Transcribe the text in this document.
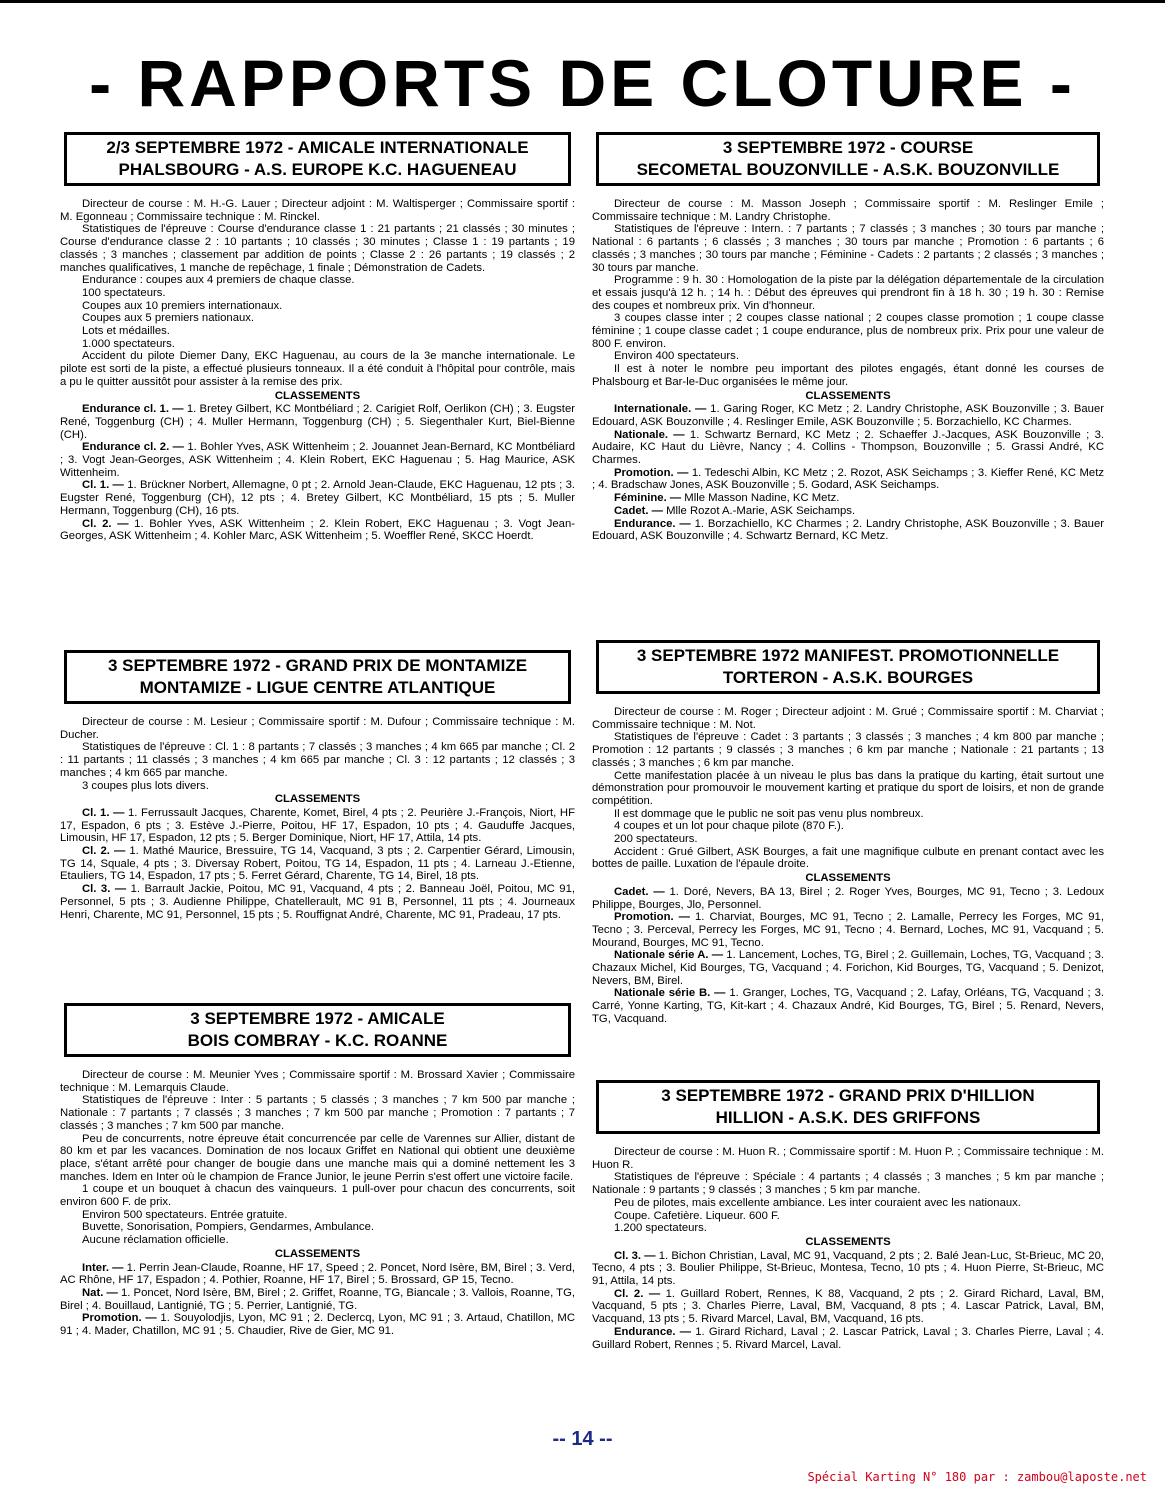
- RAPPORTS DE CLOTURE -
2/3 SEPTEMBRE 1972 - AMICALE INTERNATIONALE
PHALSBOURG - A.S. EUROPE K.C. HAGUENEAU

Directeur de course : M. H.-G. Lauer ; Directeur adjoint : M. Waltisperger ; Commissaire sportif : M. Egonneau ; Commissaire technique : M. Rinckel.

Statistiques de l'épreuve : Course d'endurance classe 1 : 21 partants ; 21 classés ; 30 minutes ; Course d'endurance classe 2 : 10 partants ; 10 classés ; 30 minutes ; Classe 1 : 19 partants ; 19 classés ; 3 manches ; classement par addition de points ; Classe 2 : 26 partants ; 19 classés ; 2 manches qualificatives, 1 manche de repêchage, 1 finale ; Démonstration de Cadets.

Endurance : coupes aux 4 premiers de chaque classe.

100 spectateurs.

Coupes aux 10 premiers internationaux.

Coupes aux 5 premiers nationaux.

Lots et médailles.

1.000 spectateurs.

Accident du pilote Diemer Dany, EKC Haguenau, au cours de la 3e manche internationale. Le pilote est sorti de la piste, a effectué plusieurs tonneaux. Il a été conduit à l'hôpital pour contrôle, mais a pu le quitter aussitôt pour assister à la remise des prix.

CLASSEMENTS

Endurance cl. 1. — 1. Bretey Gilbert, KC Montbéliard ; 2. Carigiet Rolf, Oerlikon (CH) ; 3. Eugster René, Toggenburg (CH) ; 4. Muller Hermann, Toggenburg (CH) ; 5. Siegenthaler Kurt, Biel-Bienne (CH).

Endurance cl. 2. — 1. Bohler Yves, ASK Wittenheim ; 2. Jouannet Jean-Bernard, KC Montbéliard ; 3. Vogt Jean-Georges, ASK Wittenheim ; 4. Klein Robert, EKC Haguenau ; 5. Hag Maurice, ASK Wittenheim.

Cl. 1. — 1. Brückner Norbert, Allemagne, 0 pt ; 2. Arnold Jean-Claude, EKC Haguenau, 12 pts ; 3. Eugster René, Toggenburg (CH), 12 pts ; 4. Bretey Gilbert, KC Montbéliard, 15 pts ; 5. Muller Hermann, Toggenburg (CH), 16 pts.

Cl. 2. — 1. Bohler Yves, ASK Wittenheim ; 2. Klein Robert, EKC Haguenau ; 3. Vogt Jean-Georges, ASK Wittenheim ; 4. Kohler Marc, ASK Wittenheim ; 5. Woeffler René, SKCC Hoerdt.

3 SEPTEMBRE 1972 - GRAND PRIX DE MONTAMIZE
MONTAMIZE - LIGUE CENTRE ATLANTIQUE

Directeur de course : M. Lesieur ; Commissaire sportif : M. Dufour ; Commissaire technique : M. Ducher.

Statistiques de l'épreuve : Cl. 1 : 8 partants ; 7 classés ; 3 manches ; 4 km 665 par manche ; Cl. 2 : 11 partants ; 11 classés ; 3 manches ; 4 km 665 par manche ; Cl. 3 : 12 partants ; 12 classés ; 3 manches ; 4 km 665 par manche.

3 coupes plus lots divers.

CLASSEMENTS

Cl. 1. — 1. Ferrussault Jacques, Charente, Komet, Birel, 4 pts ; 2. Peurière J.-François, Niort, HF 17, Espadon, 6 pts ; 3. Estève J.-Pierre, Poitou, HF 17, Espadon, 10 pts ; 4. Gauduffe Jacques, Limousin, HF 17, Espadon, 12 pts ; 5. Berger Dominique, Niort, HF 17, Attila, 14 pts.

Cl. 2. — 1. Mathé Maurice, Bressuire, TG 14, Vacquand, 3 pts ; 2. Carpentier Gérard, Limousin, TG 14, Squale, 4 pts ; 3. Diversay Robert, Poitou, TG 14, Espadon, 11 pts ; 4. Larneau J.-Etienne, Etauliers, TG 14, Espadon, 17 pts ; 5. Ferret Gérard, Charente, TG 14, Birel, 18 pts.

Cl. 3. — 1. Barrault Jackie, Poitou, MC 91, Vacquand, 4 pts ; 2. Banneau Joël, Poitou, MC 91, Personnel, 5 pts ; 3. Audienne Philippe, Chatellerault, MC 91 B, Personnel, 11 pts ; 4. Journeaux Henri, Charente, MC 91, Personnel, 15 pts ; 5. Rouffignat André, Charente, MC 91, Pradeau, 17 pts.

3 SEPTEMBRE 1972 - AMICALE
BOIS COMBRAY - K.C. ROANNE

Directeur de course : M. Meunier Yves ; Commissaire sportif : M. Brossard Xavier ; Commissaire technique : M. Lemarquis Claude.

Statistiques de l'épreuve : Inter : 5 partants ; 5 classés ; 3 manches ; 7 km 500 par manche ; Nationale : 7 partants ; 7 classés ; 3 manches ; 7 km 500 par manche ; Promotion : 7 partants ; 7 classés ; 3 manches ; 7 km 500 par manche.

Peu de concurrents, notre épreuve était concurrencée par celle de Varennes sur Allier, distant de 80 km et par les vacances. Domination de nos locaux Griffet en National qui obtient une deuxième place, s'étant arrêté pour changer de bougie dans une manche mais qui a dominé nettement les 3 manches. Idem en Inter où le champion de France Junior, le jeune Perrin s'est offert une victoire facile.

1 coupe et un bouquet à chacun des vainqueurs. 1 pull-over pour chacun des concurrents, soit environ 600 F. de prix.

Environ 500 spectateurs. Entrée gratuite.

Buvette, Sonorisation, Pompiers, Gendarmes, Ambulance.

Aucune réclamation officielle.

CLASSEMENTS

Inter. — 1. Perrin Jean-Claude, Roanne, HF 17, Speed ; 2. Poncet, Nord Isère, BM, Birel ; 3. Verd, AC Rhône, HF 17, Espadon ; 4. Pothier, Roanne, HF 17, Birel ; 5. Brossard, GP 15, Tecno.

Nat. — 1. Poncet, Nord Isère, BM, Birel ; 2. Griffet, Roanne, TG, Biancale ; 3. Vallois, Roanne, TG, Birel ; 4. Bouillaud, Lantignié, TG ; 5. Perrier, Lantignié, TG.

Promotion. — 1. Souyolodjis, Lyon, MC 91 ; 2. Declercq, Lyon, MC 91 ; 3. Artaud, Chatillon, MC 91 ; 4. Mader, Chatillon, MC 91 ; 5. Chaudier, Rive de Gier, MC 91.

3 SEPTEMBRE 1972 - COURSE
SECOMETAL BOUZONVILLE - A.S.K. BOUZONVILLE

Directeur de course : M. Masson Joseph ; Commissaire sportif : M. Reslinger Emile ; Commissaire technique : M. Landry Christophe.

Statistiques de l'épreuve : Intern. : 7 partants ; 7 classés ; 3 manches ; 30 tours par manche ; National : 6 partants ; 6 classés ; 3 manches ; 30 tours par manche ; Promotion : 6 partants ; 6 classés ; 3 manches ; 30 tours par manche ; Féminine - Cadets : 2 partants ; 2 classés ; 3 manches ; 30 tours par manche.

Programme : 9 h. 30 : Homologation de la piste par la délégation départementale de la circulation et essais jusqu'à 12 h. ; 14 h. : Début des épreuves qui prendront fin à 18 h. 30 ; 19 h. 30 : Remise des coupes et nombreux prix. Vin d'honneur.

3 coupes classe inter ; 2 coupes classe national ; 2 coupes classe promotion ; 1 coupe classe féminine ; 1 coupe classe cadet ; 1 coupe endurance, plus de nombreux prix. Prix pour une valeur de 800 F. environ.

Environ 400 spectateurs.

Il est à noter le nombre peu important des pilotes engagés, étant donné les courses de Phalsbourg et Bar-le-Duc organisées le même jour.

CLASSEMENTS

Internationale. — 1. Garing Roger, KC Metz ; 2. Landry Christophe, ASK Bouzonville ; 3. Bauer Edouard, ASK Bouzonville ; 4. Reslinger Emile, ASK Bouzonville ; 5. Borzachiello, KC Charmes.

Nationale. — 1. Schwartz Bernard, KC Metz ; 2. Schaeffer J.-Jacques, ASK Bouzonville ; 3. Audaire, KC Haut du Lièvre, Nancy ; 4. Collins - Thompson, Bouzonville ; 5. Grassi André, KC Charmes.

Promotion. — 1. Tedeschi Albin, KC Metz ; 2. Rozot, ASK Seichamps ; 3. Kieffer René, KC Metz ; 4. Bradschaw Jones, ASK Bouzonville ; 5. Godard, ASK Seichamps.

Féminine. — Mlle Masson Nadine, KC Metz.

Cadet. — Mlle Rozot A.-Marie, ASK Seichamps.

Endurance. — 1. Borzachiello, KC Charmes ; 2. Landry Christophe, ASK Bouzonville ; 3. Bauer Edouard, ASK Bouzonville ; 4. Schwartz Bernard, KC Metz.

3 SEPTEMBRE 1972 MANIFEST. PROMOTIONNELLE
TORTERON - A.S.K. BOURGES

Directeur de course : M. Roger ; Directeur adjoint : M. Grué ; Commissaire sportif : M. Charviat ; Commissaire technique : M. Not.

Statistiques de l'épreuve : Cadet : 3 partants ; 3 classés ; 3 manches ; 4 km 800 par manche ; Promotion : 12 partants ; 9 classés ; 3 manches ; 6 km par manche ; Nationale : 21 partants ; 13 classés ; 3 manches ; 6 km par manche.

Cette manifestation placée à un niveau le plus bas dans la pratique du karting, était surtout une démonstration pour promouvoir le mouvement karting et pratique du sport de loisirs, et non de grande compétition.

Il est dommage que le public ne soit pas venu plus nombreux.

4 coupes et un lot pour chaque pilote (870 F.).

200 spectateurs.

Accident : Grué Gilbert, ASK Bourges, a fait une magnifique culbute en prenant contact avec les bottes de paille. Luxation de l'épaule droite.

CLASSEMENTS

Cadet. — 1. Doré, Nevers, BA 13, Birel ; 2. Roger Yves, Bourges, MC 91, Tecno ; 3. Ledoux Philippe, Bourges, Jlo, Personnel.

Promotion. — 1. Charviat, Bourges, MC 91, Tecno ; 2. Lamalle, Perrecy les Forges, MC 91, Tecno ; 3. Perceval, Perrecy les Forges, MC 91, Tecno ; 4. Bernard, Loches, MC 91, Vacquand ; 5. Mourand, Bourges, MC 91, Tecno.

Nationale série A. — 1. Lancement, Loches, TG, Birel ; 2. Guillemain, Loches, TG, Vacquand ; 3. Chazaux Michel, Kid Bourges, TG, Vacquand ; 4. Forichon, Kid Bourges, TG, Vacquand ; 5. Denizot, Nevers, BM, Birel.

Nationale série B. — 1. Granger, Loches, TG, Vacquand ; 2. Lafay, Orléans, TG, Vacquand ; 3. Carré, Yonne Karting, TG, Kit-kart ; 4. Chazaux André, Kid Bourges, TG, Birel ; 5. Renard, Nevers, TG, Vacquand.

3 SEPTEMBRE 1972 - GRAND PRIX D'HILLION
HILLION - A.S.K. DES GRIFFONS

Directeur de course : M. Huon R. ; Commissaire sportif : M. Huon P. ; Commissaire technique : M. Huon R.

Statistiques de l'épreuve : Spéciale : 4 partants ; 4 classés ; 3 manches ; 5 km par manche ; Nationale : 9 partants ; 9 classés ; 3 manches ; 5 km par manche.

Peu de pilotes, mais excellente ambiance. Les inter couraient avec les nationaux.

Coupe. Cafetière. Liqueur. 600 F.

1.200 spectateurs.

CLASSEMENTS

Cl. 3. — 1. Bichon Christian, Laval, MC 91, Vacquand, 2 pts ; 2. Balé Jean-Luc, St-Brieuc, MC 20, Tecno, 4 pts ; 3. Boulier Philippe, St-Brieuc, Montesa, Tecno, 10 pts ; 4. Huon Pierre, St-Brieuc, MC 91, Attila, 14 pts.

Cl. 2. — 1. Guillard Robert, Rennes, K 88, Vacquand, 2 pts ; 2. Girard Richard, Laval, BM, Vacquand, 5 pts ; 3. Charles Pierre, Laval, BM, Vacquand, 8 pts ; 4. Lascar Patrick, Laval, BM, Vacquand, 13 pts ; 5. Rivard Marcel, Laval, BM, Vacquand, 16 pts.

Endurance. — 1. Girard Richard, Laval ; 2. Lascar Patrick, Laval ; 3. Charles Pierre, Laval ; 4. Guillard Robert, Rennes ; 5. Rivard Marcel, Laval.

-- 14 --
Spécial Karting N° 180 par : zambou@laposte.net
